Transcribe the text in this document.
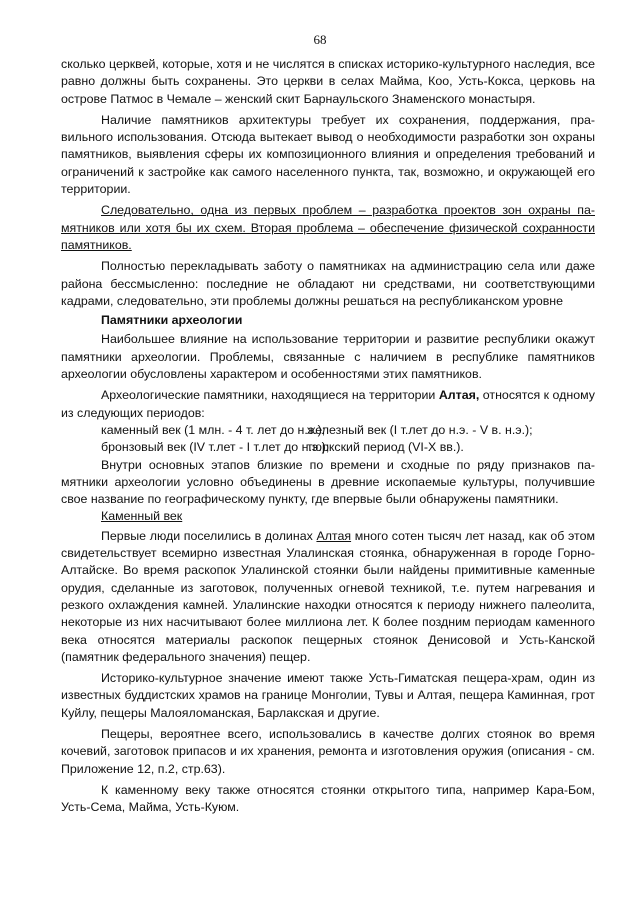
68

сколько церквей, которые, хотя и не числятся в списках историко-культурного наследия, все равно должны быть сохранены. Это церкви в селах Майма, Коо, Усть-Кокса, церковь на острове Патмос в Чемале – женский скит Барнаульского Знаменского монастыря.

Наличие памятников архитектуры требует их сохранения, поддержания, правильного использования. Отсюда вытекает вывод о необходимости разработки зон охраны памятников, выявления сферы их композиционного влияния и определения требований и ограничений к застройке как самого населенного пункта, так, возможно, и окружающей его территории.

Следовательно, одна из первых проблем – разработка проектов зон охраны памятников или хотя бы их схем. Вторая проблема – обеспечение физической сохранности памятников.

Полностью перекладывать заботу о памятниках на администрацию села или даже района бессмысленно: последние не обладают ни средствами, ни соответствующими кадрами, следовательно, эти проблемы должны решаться на республиканском уровне

Памятники археологии

Наибольшее влияние на использование территории и развитие республики окажут памятники археологии. Проблемы, связанные с наличием в республике памятников археологии обусловлены характером и особенностями этих памятников.

Археологические памятники, находящиеся на территории Алтая, относятся к одному из следующих периодов:

каменный век (1 млн. - 4 т. лет до н.э.);
железный век (I т.лет до н.э. - V в. н.э.);
бронзовый век (IV т.лет - I т.лет до н.э.);
тюркский период (VI-X вв.).

Внутри основных этапов близкие по времени и сходные по ряду признаков памятники археологии условно объединены в древние ископаемые культуры, получившие свое название по географическому пункту, где впервые были обнаружены памятники.

Каменный век

Первые люди поселились в долинах Алтая много сотен тысяч лет назад, как об этом свидетельствует всемирно известная Улалинская стоянка, обнаруженная в городе Горно-Алтайске. Во время раскопок Улалинской стоянки были найдены примитивные каменные орудия, сделанные из заготовок, полученных огневой техникой, т.е. путем нагревания и резкого охлаждения камней. Улалинские находки относятся к периоду нижнего палеолита, некоторые из них насчитывают более миллиона лет. К более поздним периодам каменного века относятся материалы раскопок пещерных стоянок Денисовой и Усть-Канской (памятник федерального значения) пещер.

Историко-культурное значение имеют также Усть-Гиматская пещера-храм, один из известных буддистских храмов на границе Монголии, Тувы и Алтая, пещера Каминная, грот Куйлу, пещеры Малояломанская, Барлакская и другие.

Пещеры, вероятнее всего, использовались в качестве долгих стоянок во время кочевий, заготовок припасов и их хранения, ремонта и изготовления оружия (описания - см. Приложение 12, п.2, стр.63).

К каменному веку также относятся стоянки открытого типа, например Кара-Бом, Усть-Сема, Майма, Усть-Куюм.
